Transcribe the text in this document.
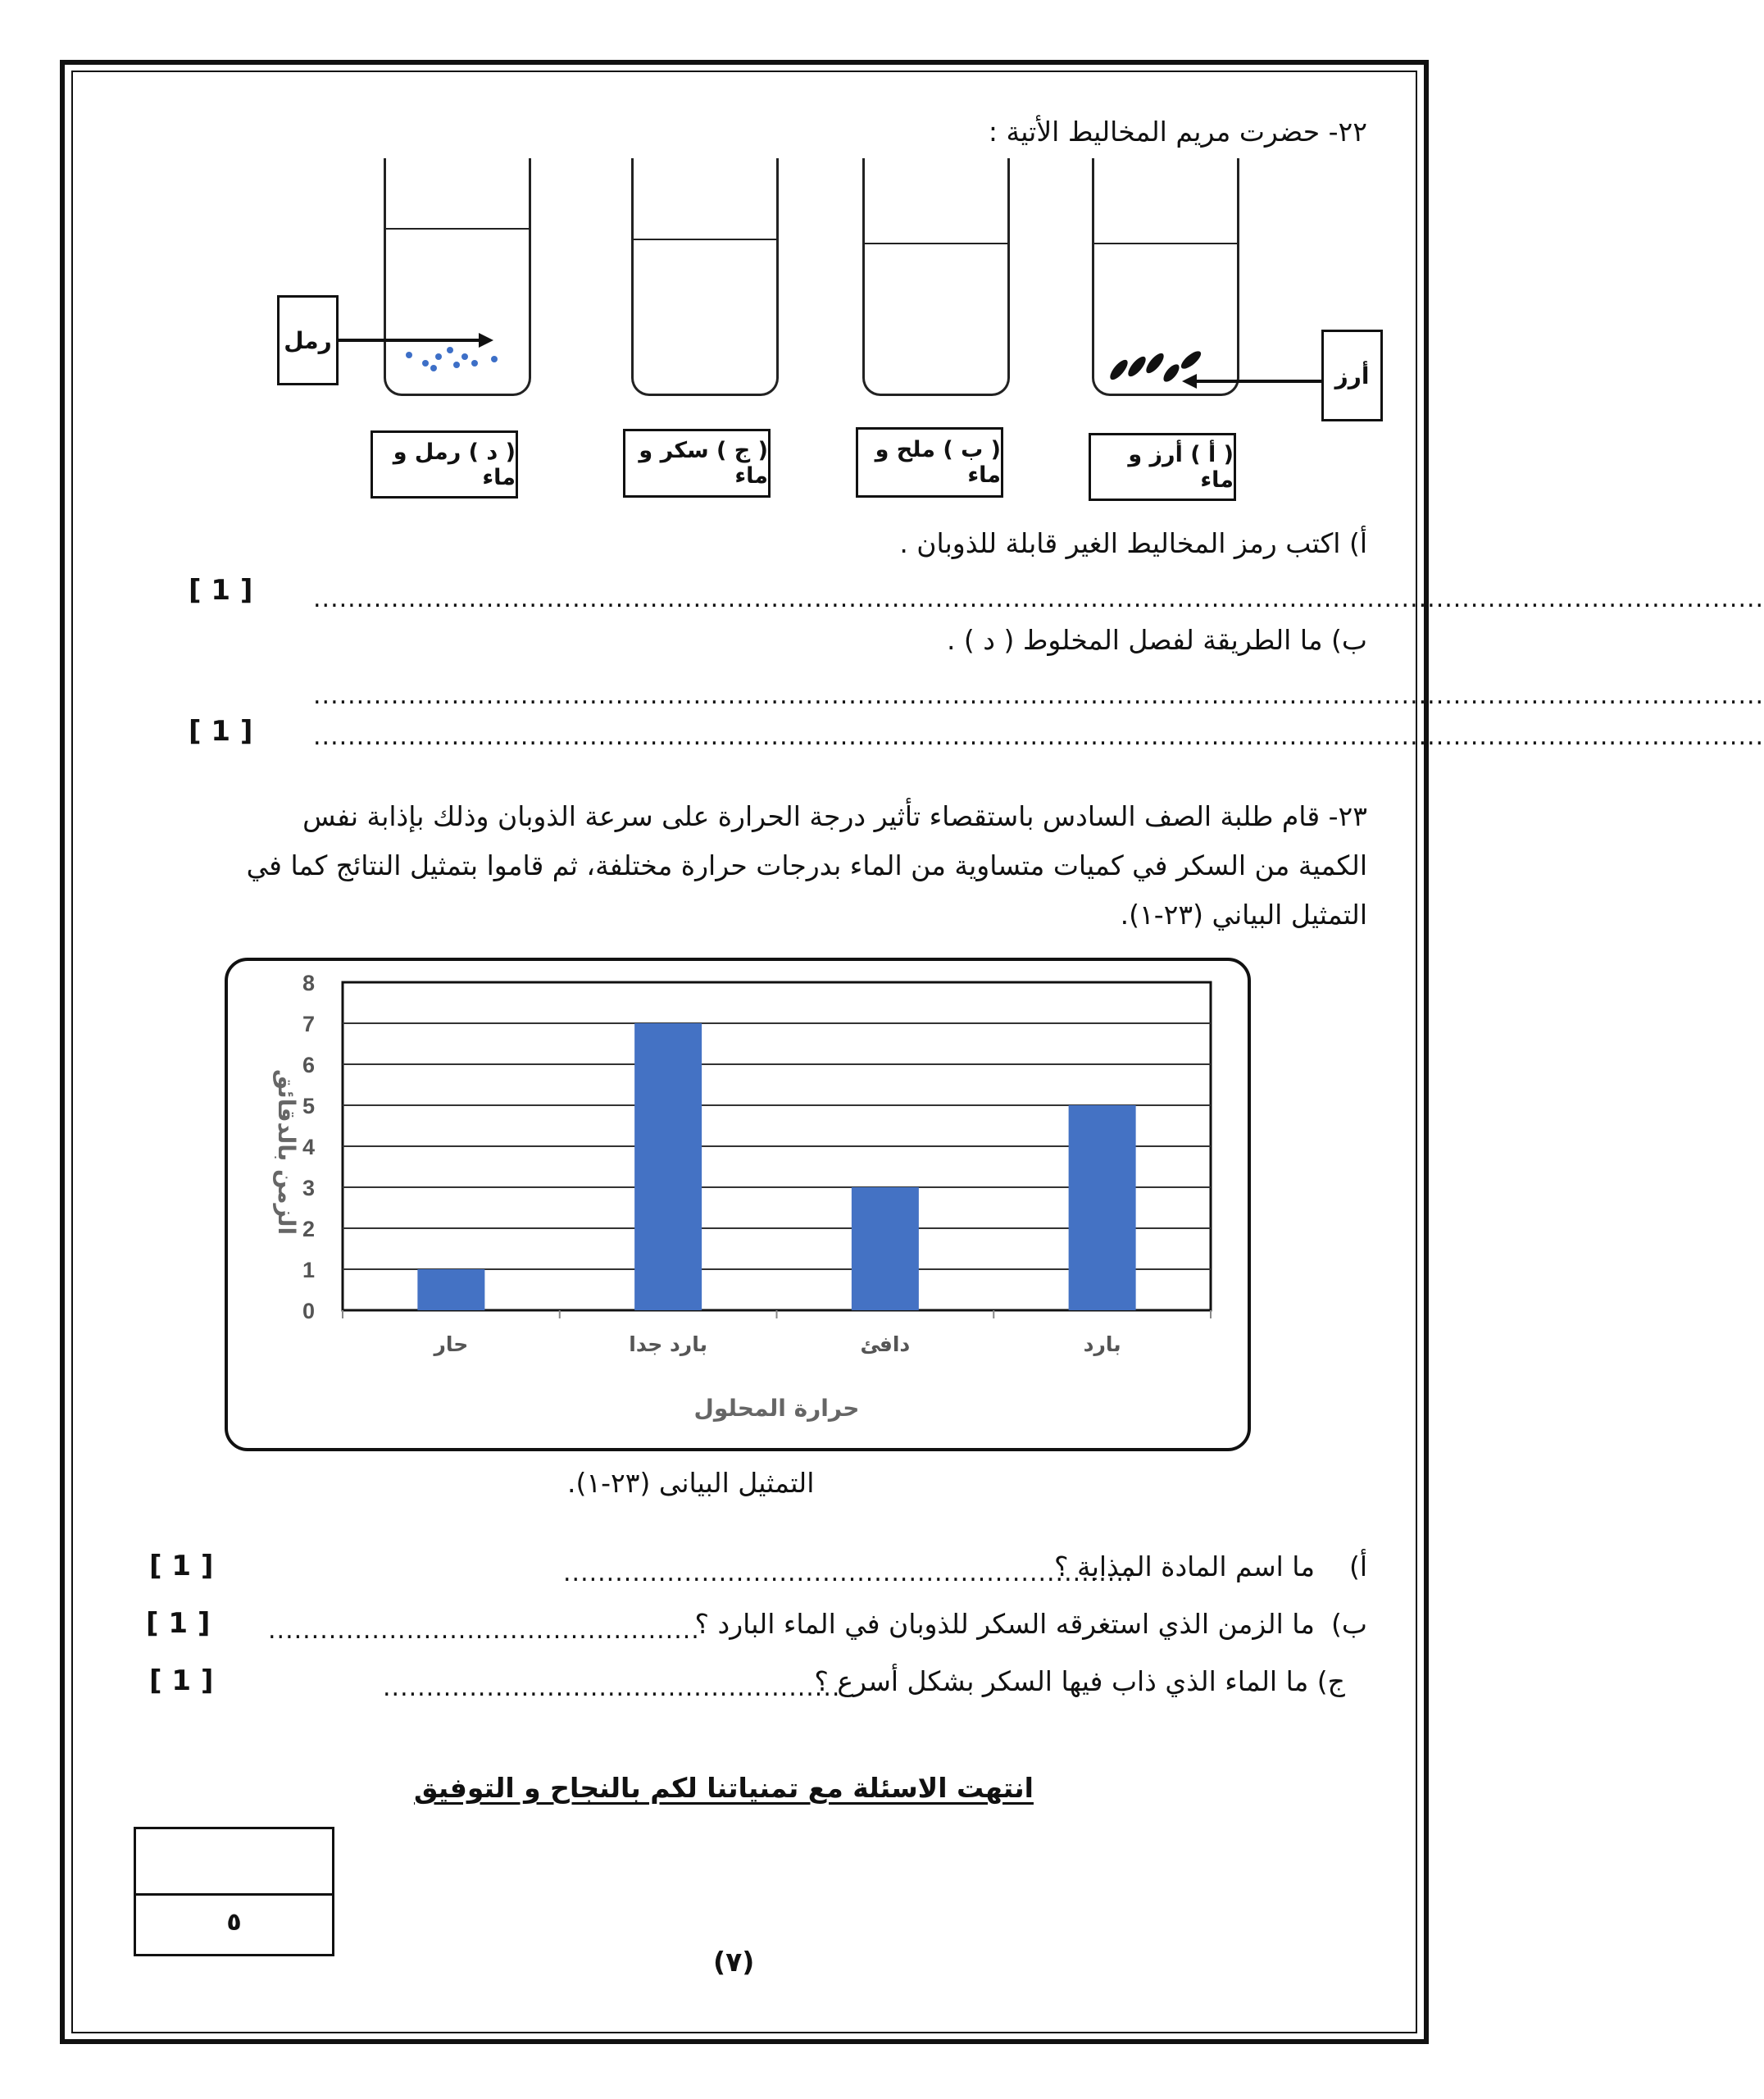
٢٢- حضرت مريم المخاليط الأتية :
رمل
أرز
( د ) رمل و ماء
( ج ) سكر و ماء
( ب ) ملح و ماء
( أ ) أرز و ماء
أ) اكتب رمز المخاليط الغير قابلة للذوبان .
........................................................................................................................................................................
[ 1 ]
ب) ما الطريقة لفصل المخلوط ( د ) .
........................................................................................................................................................................
........................................................................................................................................................................
[ 1 ]
٢٣- قام طلبة الصف السادس باستقصاء تأثير درجة الحرارة على سرعة الذوبان وذلك بإذابة نفس
الكمية من السكر في كميات متساوية من الماء بدرجات حرارة مختلفة، ثم قاموا بتمثيل النتائج كما في
التمثيل البياني (٢٣-١).
0
1
2
3
4
5
6
7
8
حار	بارد جدا	دافئ	بارد
حرارة المحلول
الزمن بالدقائق
التمثيل البيانى (٢٣-١).
أ)
ما اسم المادة المذابة ؟
..................................................................
[ 1 ]
ب)
ما الزمن الذي استغرقه السكر للذوبان في الماء البارد ؟
..................................................
[ 1 ]
ج) ما الماء الذي ذاب فيها السكر بشكل أسرع ؟
.....................................................
[ 1 ]
انتهت الاسئلة مع تمنياتنا لكم بالنجاح و التوفيق
٥
(٧)
